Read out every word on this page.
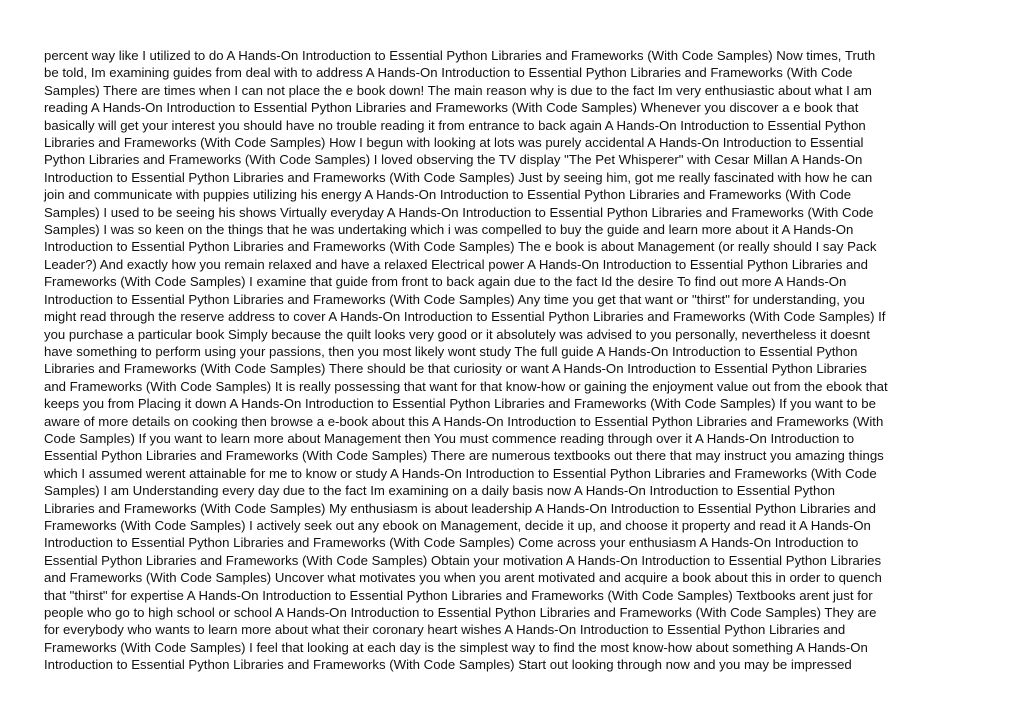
percent way like I utilized to do A Hands-On Introduction to Essential Python Libraries and Frameworks (With Code Samples) Now times, Truth
be told, Im examining guides from deal with to address A Hands-On Introduction to Essential Python Libraries and Frameworks (With Code
Samples) There are times when I can not place the e book down! The main reason why is due to the fact Im very enthusiastic about what I am
reading A Hands-On Introduction to Essential Python Libraries and Frameworks (With Code Samples) Whenever you discover a e book that
basically will get your interest you should have no trouble reading it from entrance to back again A Hands-On Introduction to Essential Python
Libraries and Frameworks (With Code Samples) How I begun with looking at lots was purely accidental A Hands-On Introduction to Essential
Python Libraries and Frameworks (With Code Samples) I loved observing the TV display "The Pet Whisperer" with Cesar Millan A Hands-On
Introduction to Essential Python Libraries and Frameworks (With Code Samples) Just by seeing him, got me really fascinated with how he can
join and communicate with puppies utilizing his energy A Hands-On Introduction to Essential Python Libraries and Frameworks (With Code
Samples) I used to be seeing his shows Virtually everyday A Hands-On Introduction to Essential Python Libraries and Frameworks (With Code
Samples) I was so keen on the things that he was undertaking which i was compelled to buy the guide and learn more about it A Hands-On
Introduction to Essential Python Libraries and Frameworks (With Code Samples) The e book is about Management (or really should I say Pack
Leader?) And exactly how you remain relaxed and have a relaxed Electrical power A Hands-On Introduction to Essential Python Libraries and
Frameworks (With Code Samples) I examine that guide from front to back again due to the fact Id the desire To find out more A Hands-On
Introduction to Essential Python Libraries and Frameworks (With Code Samples) Any time you get that want or "thirst" for understanding, you
might read through the reserve address to cover A Hands-On Introduction to Essential Python Libraries and Frameworks (With Code Samples) If
you purchase a particular book Simply because the quilt looks very good or it absolutely was advised to you personally, nevertheless it doesnt
have something to perform using your passions, then you most likely wont study The full guide A Hands-On Introduction to Essential Python
Libraries and Frameworks (With Code Samples) There should be that curiosity or want A Hands-On Introduction to Essential Python Libraries
and Frameworks (With Code Samples) It is really possessing that want for that know-how or gaining the enjoyment value out from the ebook that
keeps you from Placing it down A Hands-On Introduction to Essential Python Libraries and Frameworks (With Code Samples) If you want to be
aware of more details on cooking then browse a e-book about this A Hands-On Introduction to Essential Python Libraries and Frameworks (With
Code Samples) If you want to learn more about Management then You must commence reading through over it A Hands-On Introduction to
Essential Python Libraries and Frameworks (With Code Samples) There are numerous textbooks out there that may instruct you amazing things
which I assumed werent attainable for me to know or study A Hands-On Introduction to Essential Python Libraries and Frameworks (With Code
Samples) I am Understanding every day due to the fact Im examining on a daily basis now A Hands-On Introduction to Essential Python
Libraries and Frameworks (With Code Samples) My enthusiasm is about leadership A Hands-On Introduction to Essential Python Libraries and
Frameworks (With Code Samples) I actively seek out any ebook on Management, decide it up, and choose it property and read it A Hands-On
Introduction to Essential Python Libraries and Frameworks (With Code Samples) Come across your enthusiasm A Hands-On Introduction to
Essential Python Libraries and Frameworks (With Code Samples) Obtain your motivation A Hands-On Introduction to Essential Python Libraries
and Frameworks (With Code Samples) Uncover what motivates you when you arent motivated and acquire a book about this in order to quench
that "thirst" for expertise A Hands-On Introduction to Essential Python Libraries and Frameworks (With Code Samples) Textbooks arent just for
people who go to high school or school A Hands-On Introduction to Essential Python Libraries and Frameworks (With Code Samples) They are
for everybody who wants to learn more about what their coronary heart wishes A Hands-On Introduction to Essential Python Libraries and
Frameworks (With Code Samples) I feel that looking at each day is the simplest way to find the most know-how about something A Hands-On
Introduction to Essential Python Libraries and Frameworks (With Code Samples) Start out looking through now and you may be impressed
